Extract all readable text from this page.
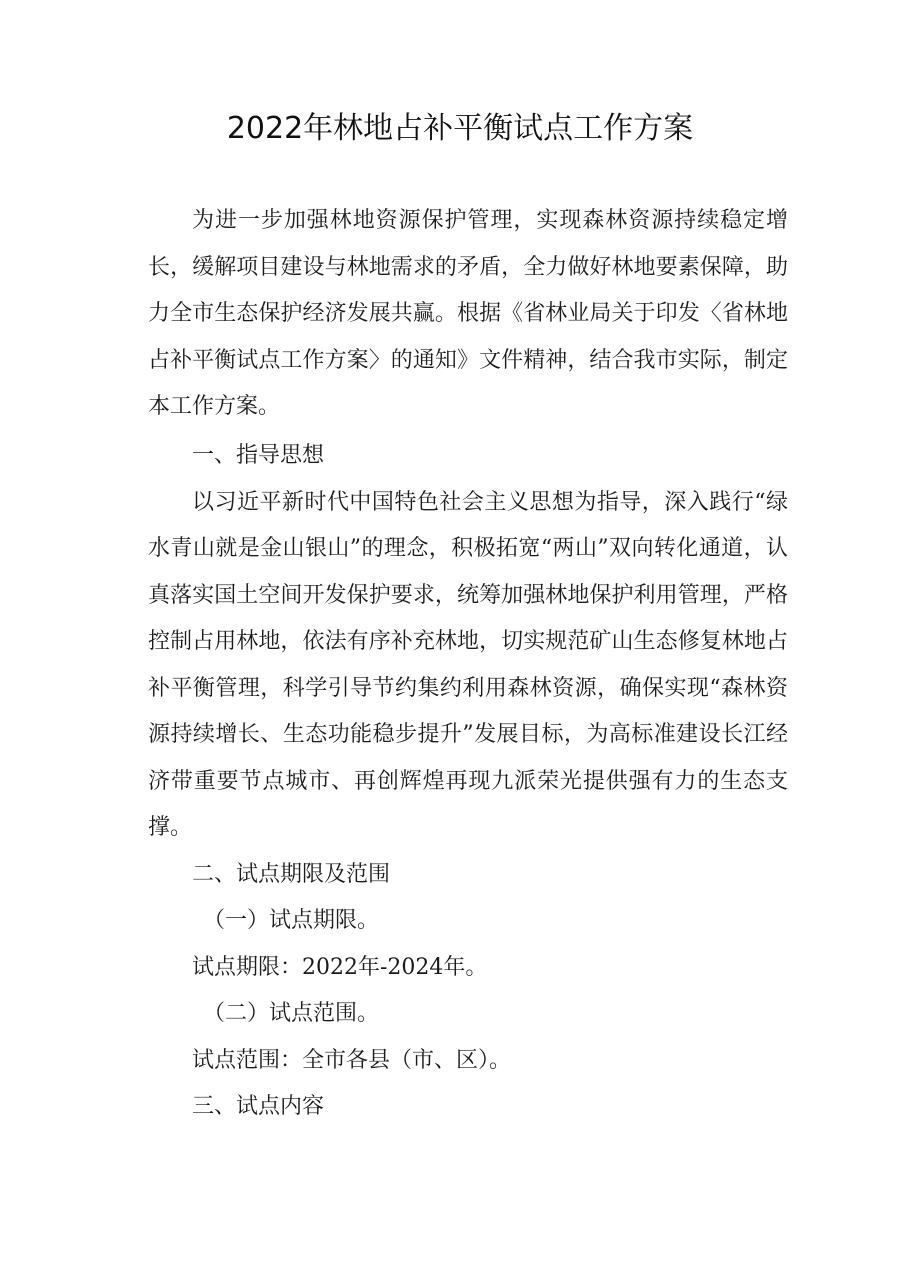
2022年林地占补平衡试点工作方案

为进一步加强林地资源保护管理，实现森林资源持续稳定增长，缓解项目建设与林地需求的矛盾，全力做好林地要素保障，助力全市生态保护经济发展共赢。根据《省林业局关于印发〈省林地占补平衡试点工作方案〉的通知》文件精神，结合我市实际，制定本工作方案。

一、指导思想

以习近平新时代中国特色社会主义思想为指导，深入践行“绿水青山就是金山银山”的理念，积极拓宽“两山”双向转化通道，认真落实国土空间开发保护要求，统筹加强林地保护利用管理，严格控制占用林地，依法有序补充林地，切实规范矿山生态修复林地占补平衡管理，科学引导节约集约利用森林资源，确保实现“森林资源持续增长、生态功能稳步提升”发展目标，为高标准建设长江经济带重要节点城市、再创辉煌再现九派荣光提供强有力的生态支撑。

二、试点期限及范围

（一）试点期限。

试点期限：2022年-2024年。

（二）试点范围。

试点范围：全市各县（市、区）。

三、试点内容
